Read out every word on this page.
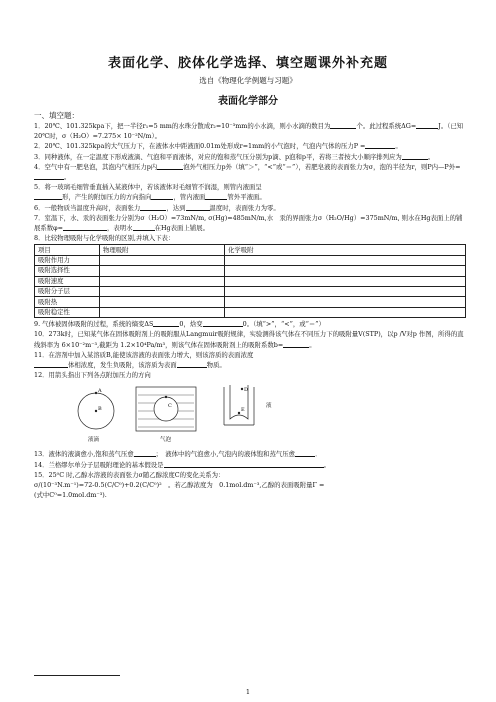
表面化学、胶体化学选择、填空题课外补充题
选自《物理化学例题与习题》
表面化学部分
一、填空题：

1．20℃、101.325kpa下，把一半径r₁=5 mm的水珠分散成r₂=10⁻³mm的小水滴，则小水滴的数目为	个。此过程系统ΔG=	J。（已知20℃时，σ（H₂O）=7.275× 10⁻²N/m）。

2．20℃、101.325kpa的大气压力下，在液体水中距液面0.01m处形成r=1mm的小气泡时，气泡内气体的压力P =	。

3．同种液体，在一定温度下形成液滴、气泡和平面液体，对应的饱和蒸气压分别为p滴、p泡和p平，若将三者按大小顺序排列应为	。

4．空气中有一肥皂泡，其泡内气相压力p内	泡外气相压力p外（填“＞”，“<”或“＝”），若肥皂液的表面张力为σ，泡的半径为r，则P内—P外=。

5．将一玻璃毛细管垂直插入某液体中，若该液体对毛细管不润湿，则管内液面呈
形，产生的附加压力的方向指向	，管内液面	管外平液面。

6．一般物质当温度升高时，表面张力	，达到	温度时，表面张力为零。

7．室温下，水、汞的表面张力分别为σ（H₂O）=73mN/m, σ(Hg)=485mN/m,水　汞的界面张力σ（H₂O/Hg）=375mN/m, 则水在Hg表面上的铺展系数φ=	，表明水	在Hg表面上铺展。

8．比较物理吸附与化学吸附的区别,并填入下表：

项目	物理吸附	化学吸附
吸附作用力		
吸附选择性		
吸附速度		
吸附分子层		
吸附热		
吸附稳定性		

9. 气体被固体吸附的过程，系统的熵变ΔS	0，焓变	0。（填“>”，“<”，或“＝”）

10．273k时，已知某气体在固体吸附剂上的吸附服从Langmuir吸附规律，实验测得该气体在不同压力下的吸附量V(STP)，以p /V对p 作图，所得的直线斜率为 6×10⁻²m⁻³,截距为 1.2×10⁴Pa/m³，则该气体在固体吸附剂上的吸附系数b=	。

11．在溶剂中加入某溶质B,能使该溶液的表面张力增大，则该溶质的表面浓度
体相浓度，发生负吸附，该溶质为表面	物质。

12．用箭头指出下列各点附加压力的方向

A
B
液滴
C
气泡
D
E
液

13．液体的液滴愈小,饱和蒸气压愈	；　液体中的气泡愈小,气泡内的液体饱和蒸气压愈	．

14．兰格缪尔单分子层吸附理论的基本假设是	。

15．25⁰C 时,乙醇水溶液的表面张力σ随乙醇浓度C的变化关系为：
σ/(10⁻³N.m⁻¹)=72-0.5(C/C⁰)+0.2(C/C⁰)²　。若乙醇浓度为　0.1mol.dm⁻³,乙醇的表面吸附量Γ =
(式中C⁰=1.0mol.dm⁻³).

1
